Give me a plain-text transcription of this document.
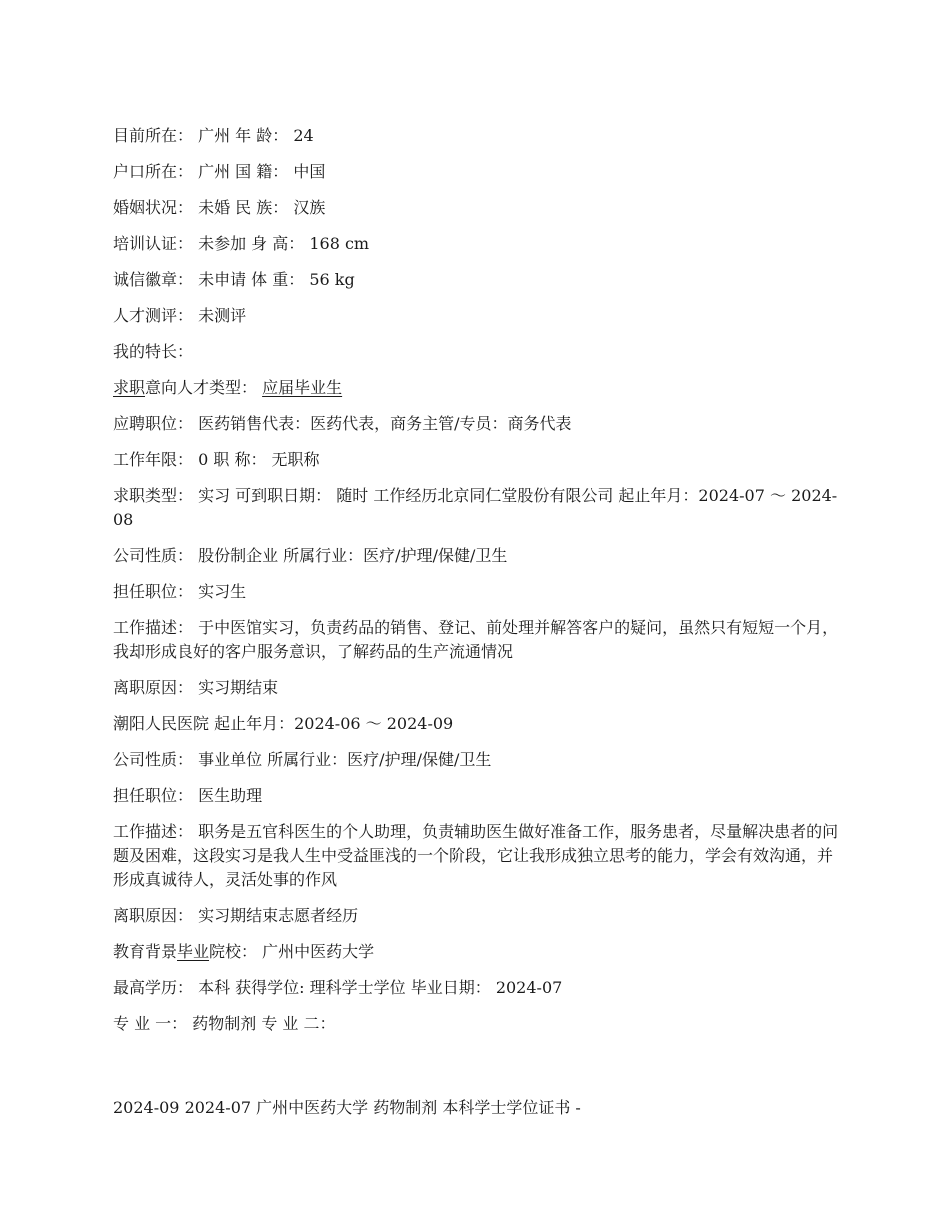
目前所在： 广州 年 龄： 24

户口所在： 广州 国 籍： 中国

婚姻状况： 未婚 民 族： 汉族

培训认证： 未参加 身 高： 168 cm

诚信徽章： 未申请 体 重： 56 kg

人才测评： 未测评

我的特长：

求职意向人才类型： 应届毕业生

应聘职位： 医药销售代表：医药代表，商务主管/专员：商务代表

工作年限： 0 职 称： 无职称

求职类型： 实习 可到职日期： 随时 工作经历北京同仁堂股份有限公司 起止年月：2024-07 ～ 2024-08

公司性质： 股份制企业 所属行业：医疗/护理/保健/卫生

担任职位： 实习生

工作描述： 于中医馆实习，负责药品的销售、登记、前处理并解答客户的疑问，虽然只有短短一个月，我却形成良好的客户服务意识，了解药品的生产流通情况

离职原因： 实习期结束

潮阳人民医院 起止年月：2024-06 ～ 2024-09

公司性质： 事业单位 所属行业：医疗/护理/保健/卫生

担任职位： 医生助理

工作描述： 职务是五官科医生的个人助理，负责辅助医生做好准备工作，服务患者，尽量解决患者的问题及困难，这段实习是我人生中受益匪浅的一个阶段，它让我形成独立思考的能力，学会有效沟通，并形成真诚待人，灵活处事的作风

离职原因： 实习期结束志愿者经历

教育背景毕业院校： 广州中医药大学

最高学历： 本科 获得学位: 理科学士学位 毕业日期： 2024-07

专 业 一： 药物制剂 专 业 二：

2024-09 2024-07 广州中医药大学 药物制剂 本科学士学位证书 -
